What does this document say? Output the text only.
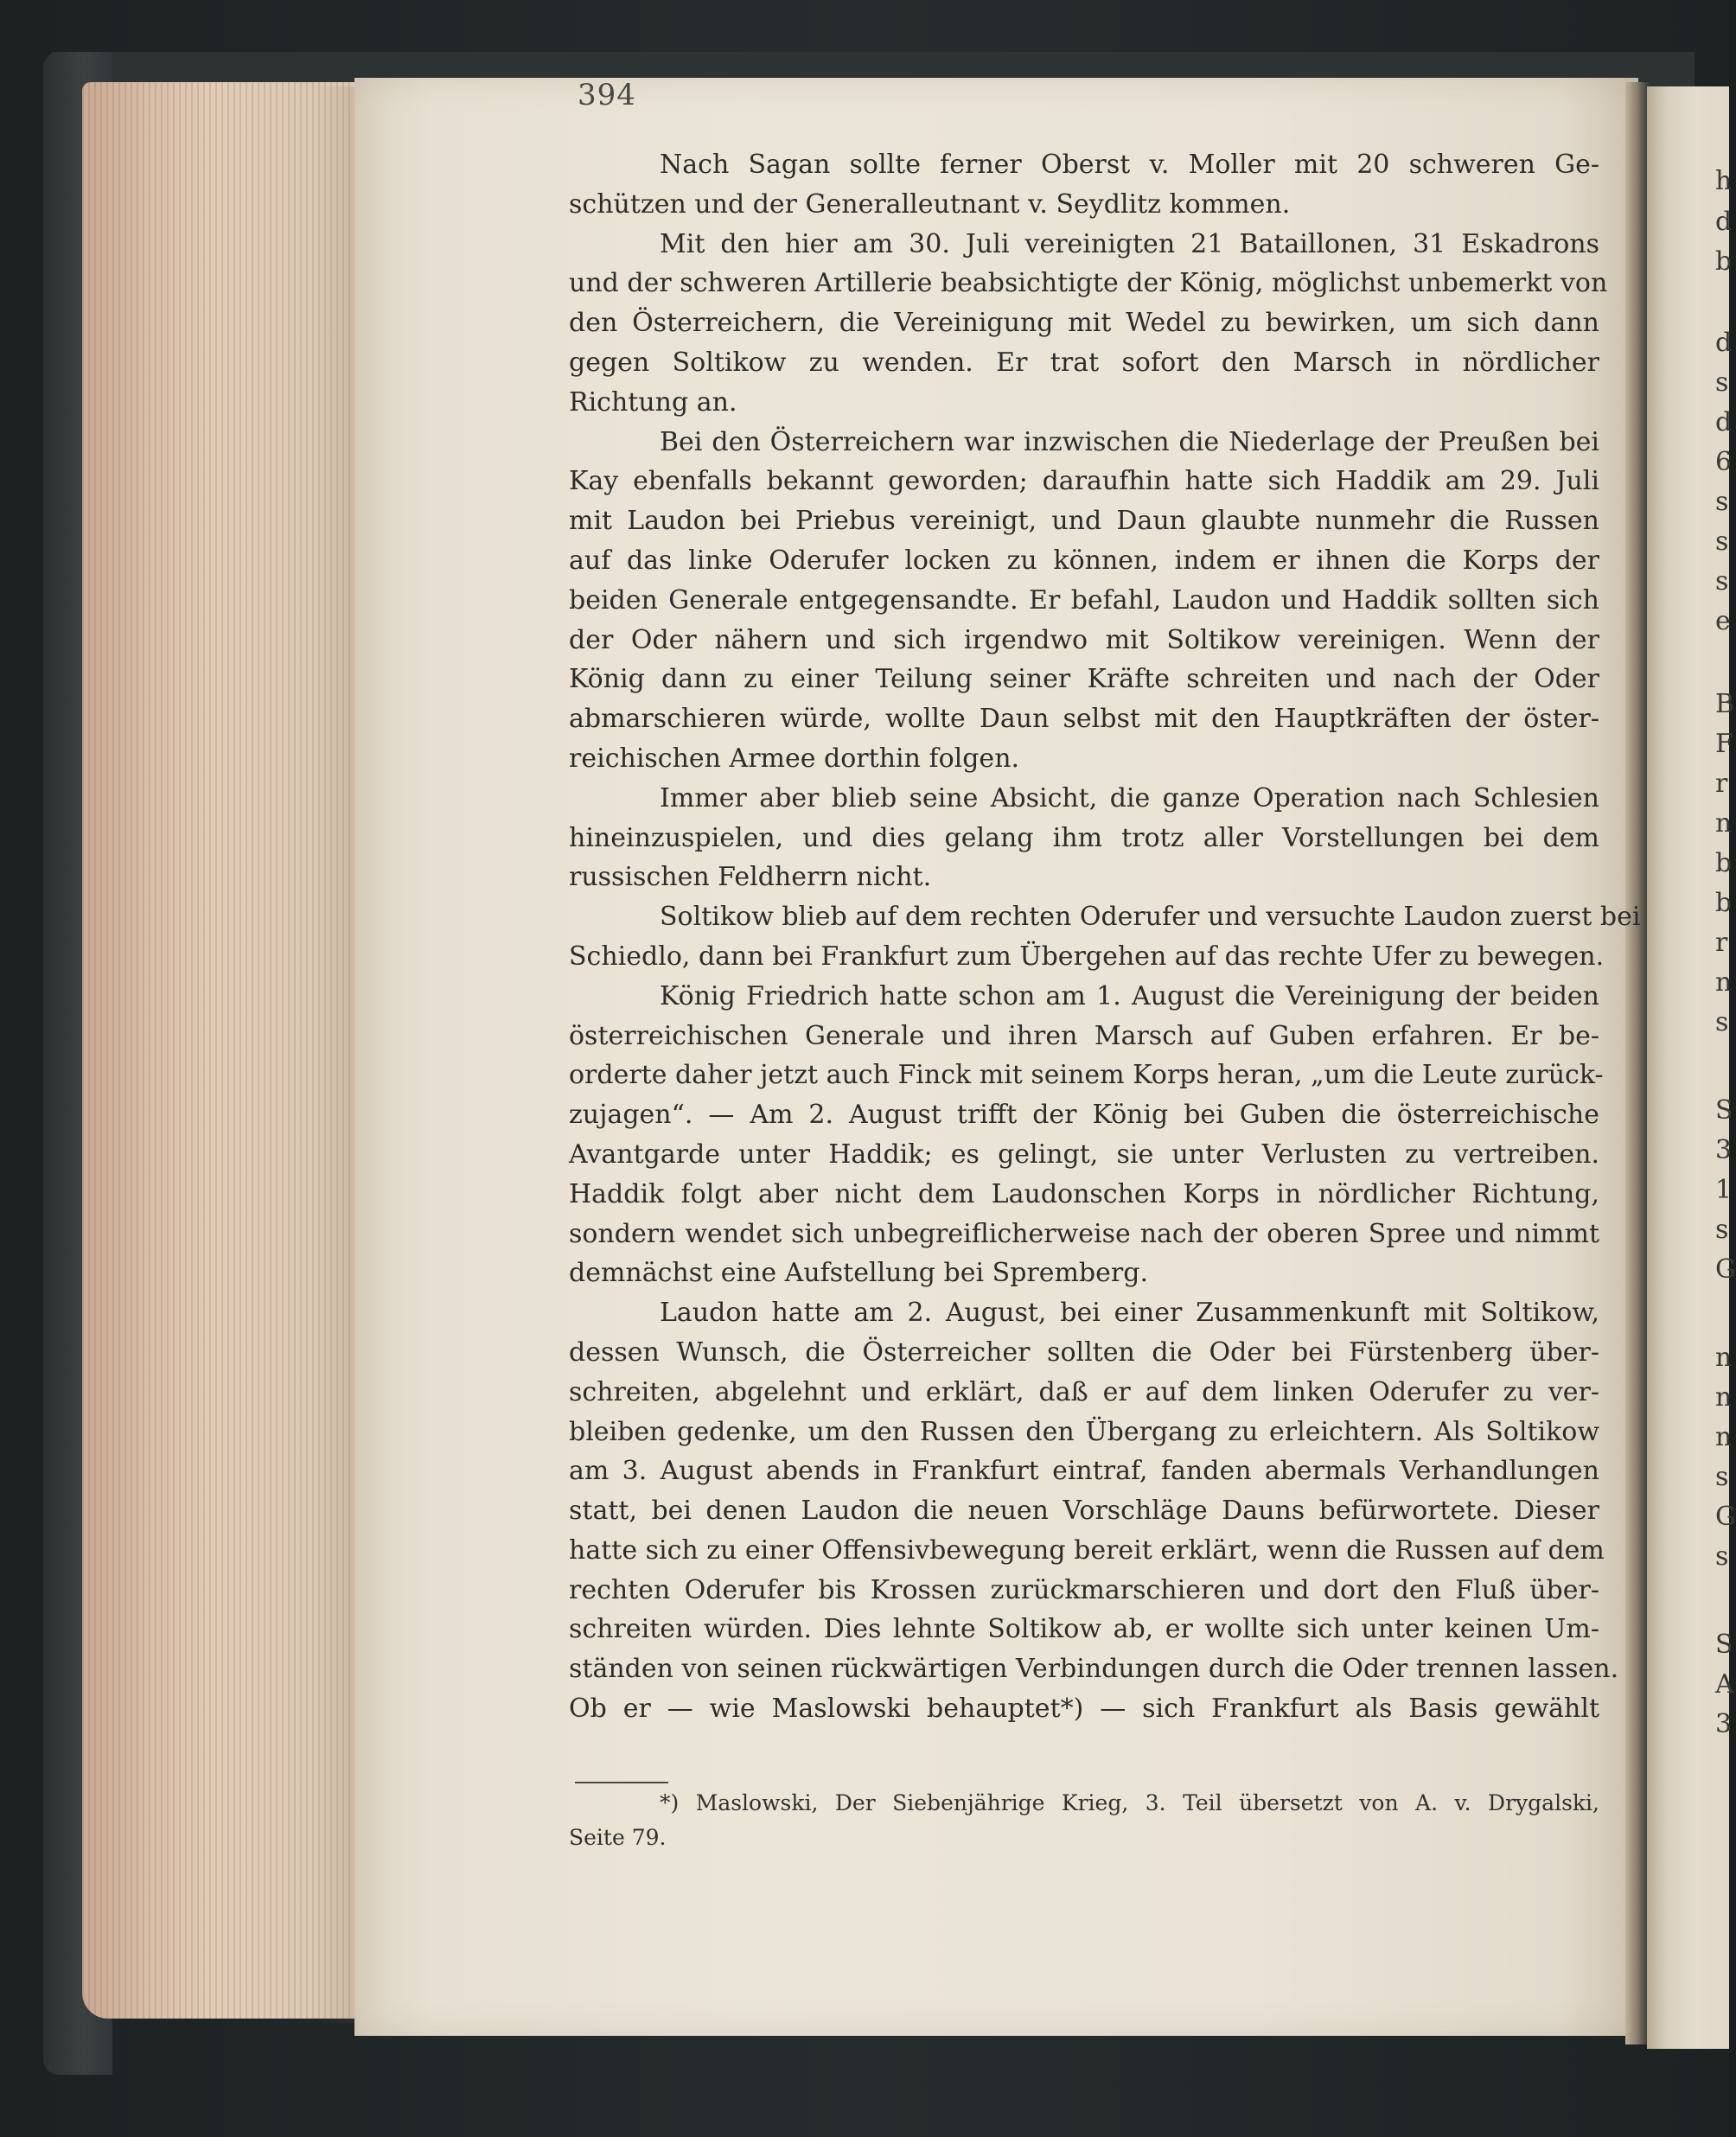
h
d
b
d
s
d
6
s
s
s
e
B
F
r
n
b
b
r
n
s
S
3
1
s
G
n
n
n
s
G
s
S
A
3
394
Nach Sagan sollte ferner Oberst v. Moller mit 20 schweren Ge-
schützen und der Generalleutnant v. Seydlitz kommen.
Mit den hier am 30. Juli vereinigten 21 Bataillonen, 31 Eskadrons
und der schweren Artillerie beabsichtigte der König, möglichst unbemerkt von
den Österreichern, die Vereinigung mit Wedel zu bewirken, um sich dann
gegen Soltikow zu wenden. Er trat sofort den Marsch in nördlicher
Richtung an.
Bei den Österreichern war inzwischen die Niederlage der Preußen bei
Kay ebenfalls bekannt geworden; daraufhin hatte sich Haddik am 29. Juli
mit Laudon bei Priebus vereinigt, und Daun glaubte nunmehr die Russen
auf das linke Oderufer locken zu können, indem er ihnen die Korps der
beiden Generale entgegensandte. Er befahl, Laudon und Haddik sollten sich
der Oder nähern und sich irgendwo mit Soltikow vereinigen. Wenn der
König dann zu einer Teilung seiner Kräfte schreiten und nach der Oder
abmarschieren würde, wollte Daun selbst mit den Hauptkräften der öster-
reichischen Armee dorthin folgen.
Immer aber blieb seine Absicht, die ganze Operation nach Schlesien
hineinzuspielen, und dies gelang ihm trotz aller Vorstellungen bei dem
russischen Feldherrn nicht.
Soltikow blieb auf dem rechten Oderufer und versuchte Laudon zuerst bei
Schiedlo, dann bei Frankfurt zum Übergehen auf das rechte Ufer zu bewegen.
König Friedrich hatte schon am 1. August die Vereinigung der beiden
österreichischen Generale und ihren Marsch auf Guben erfahren. Er be-
orderte daher jetzt auch Finck mit seinem Korps heran, „um die Leute zurück-
zujagen“. — Am 2. August trifft der König bei Guben die österreichische
Avantgarde unter Haddik; es gelingt, sie unter Verlusten zu vertreiben.
Haddik folgt aber nicht dem Laudonschen Korps in nördlicher Richtung,
sondern wendet sich unbegreiflicherweise nach der oberen Spree und nimmt
demnächst eine Aufstellung bei Spremberg.
Laudon hatte am 2. August, bei einer Zusammenkunft mit Soltikow,
dessen Wunsch, die Österreicher sollten die Oder bei Fürstenberg über-
schreiten, abgelehnt und erklärt, daß er auf dem linken Oderufer zu ver-
bleiben gedenke, um den Russen den Übergang zu erleichtern. Als Soltikow
am 3. August abends in Frankfurt eintraf, fanden abermals Verhandlungen
statt, bei denen Laudon die neuen Vorschläge Dauns befürwortete. Dieser
hatte sich zu einer Offensivbewegung bereit erklärt, wenn die Russen auf dem
rechten Oderufer bis Krossen zurückmarschieren und dort den Fluß über-
schreiten würden. Dies lehnte Soltikow ab, er wollte sich unter keinen Um-
ständen von seinen rückwärtigen Verbindungen durch die Oder trennen lassen.
Ob er — wie Maslowski behauptet*) — sich Frankfurt als Basis gewählt
*) Maslowski, Der Siebenjährige Krieg, 3. Teil übersetzt von A. v. Drygalski,
Seite 79.
